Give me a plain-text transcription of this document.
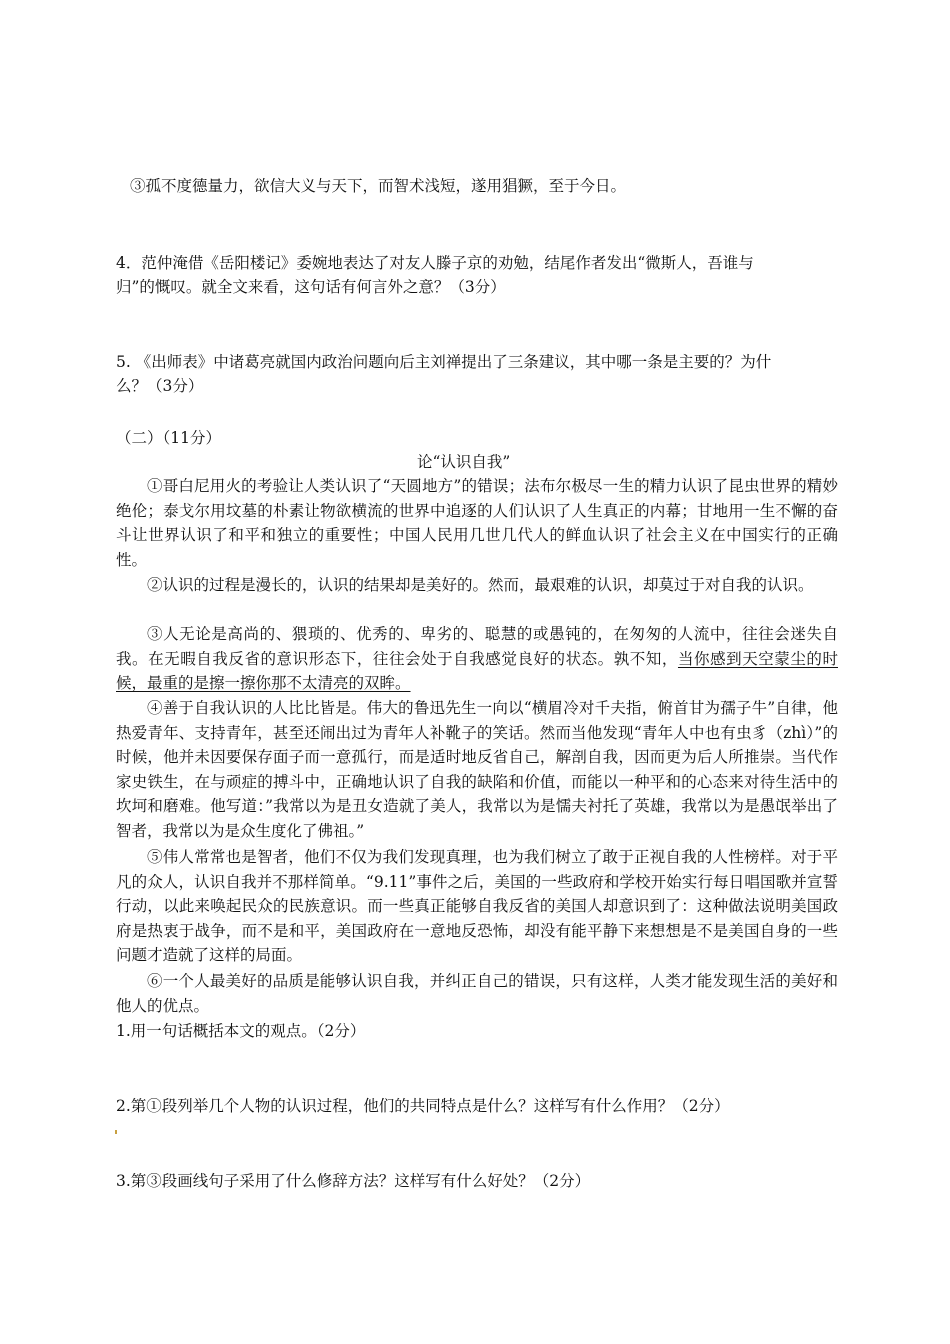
③孤不度德量力，欲信大义与天下，而智术浅短，遂用猖獗，至于今日。
4．范仲淹借《岳阳楼记》委婉地表达了对友人滕子京的劝勉，结尾作者发出“微斯人，吾谁与
归”的慨叹。就全文来看，这句话有何言外之意？（3分）
5. 《出师表》中诸葛亮就国内政治问题向后主刘禅提出了三条建议，其中哪一条是主要的？为什
么？（3分）
（二）（11分）
论“认识自我”
①哥白尼用火的考验让人类认识了“天圆地方”的错误；法布尔极尽一生的精力认识了昆虫世界的精妙绝伦；泰戈尔用坟墓的朴素让物欲横流的世界中追逐的人们认识了人生真正的内幕；甘地用一生不懈的奋斗让世界认识了和平和独立的重要性；中国人民用几世几代人的鲜血认识了社会主义在中国实行的正确性。
②认识的过程是漫长的，认识的结果却是美好的。然而，最艰难的认识，却莫过于对自我的认识。
③人无论是高尚的、猥琐的、优秀的、卑劣的、聪慧的或愚钝的，在匆匆的人流中，往往会迷失自我。在无暇自我反省的意识形态下，往往会处于自我感觉良好的状态。孰不知，当你感到天空蒙尘的时候，最重的是擦一擦你那不太清亮的双眸。
④善于自我认识的人比比皆是。伟大的鲁迅先生一向以“横眉冷对千夫指，俯首甘为孺子牛”自律，他热爱青年、支持青年，甚至还闹出过为青年人补靴子的笑话。然而当他发现“青年人中也有虫豸（zhì）”的时候，他并未因要保存面子而一意孤行，而是适时地反省自己，解剖自我，因而更为后人所推崇。当代作家史铁生，在与顽症的搏斗中，正确地认识了自我的缺陷和价值，而能以一种平和的心态来对待生活中的坎坷和磨难。他写道：”我常以为是丑女造就了美人，我常以为是懦夫衬托了英雄，我常以为是愚氓举出了智者，我常以为是众生度化了佛祖。”
⑤伟人常常也是智者，他们不仅为我们发现真理，也为我们树立了敢于正视自我的人性榜样。对于平凡的众人，认识自我并不那样简单。“9.11”事件之后，美国的一些政府和学校开始实行每日唱国歌并宣誓行动，以此来唤起民众的民族意识。而一些真正能够自我反省的美国人却意识到了：这种做法说明美国政府是热衷于战争，而不是和平，美国政府在一意地反恐怖，却没有能平静下来想想是不是美国自身的一些问题才造就了这样的局面。
⑥一个人最美好的品质是能够认识自我，并纠正自己的错误，只有这样，人类才能发现生活的美好和他人的优点。
1.用一句话概括本文的观点。（2分）
2.第①段列举几个人物的认识过程，他们的共同特点是什么？这样写有什么作用？（2分）
3.第③段画线句子采用了什么修辞方法？这样写有什么好处？（2分）
